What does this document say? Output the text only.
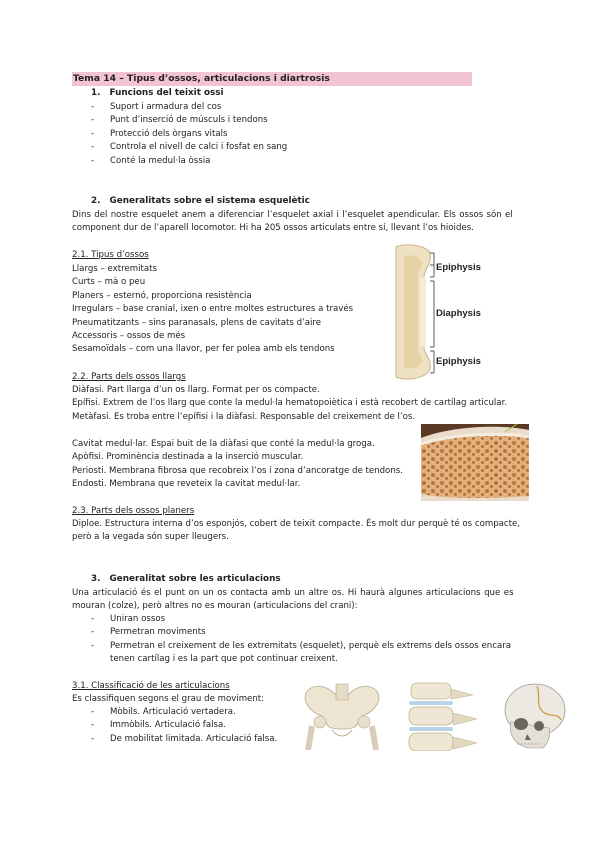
Tema 14 – Tipus d’ossos, articulacions i diartrosis
1. Funcions del teixit ossi
- Suport i armadura del cos
- Punt d’inserció de músculs i tendons
- Protecció dels òrgans vitals
- Controla el nivell de calci i fosfat en sang
- Conté la medul·la òssia
2. Generalitats sobre el sistema esquelètic
Dins del nostre esquelet anem a diferenciar l’esquelet axial i l’esquelet apendicular. Els ossos són el
component dur de l’aparell locomotor. Hi ha 205 ossos articulats entre sí, llevant l’os hioides.
2.1. Tipus d’ossos
Llargs – extremitats
Curts – mà o peu
Planers – esternó, proporciona resistència
Irregulars – base cranial, ixen o entre moltes estructures a través
Pneumatitzants – sins paranasals, plens de cavitats d’aire
Accessoris – ossos de més
Sesamoïdals – com una llavor, per fer polea amb els tendons
Epiphysis
Diaphysis
Epiphysis
2.2. Parts dels ossos llargs
Diàfasi. Part llarga d’un os llarg. Format per os compacte.
Epífisi. Extrem de l’os llarg que conte la medul·la hematopoiètica i està recobert de cartílag articular.
Metàfasi. Es troba entre l’epífisi i la diàfasi. Responsable del creixement de l’os.
Cavitat medul·lar. Espai buit de la diàfasi que conté la medul·la groga.
Apòfisi. Prominència destinada a la inserció muscular.
Periosti. Membrana fibrosa que recobreix l’os i zona d’ancoratge de tendons.
Endosti. Membrana que reveteix la cavitat medul·lar.
2.3. Parts dels ossos planers
Diploe. Estructura interna d’os esponjós, cobert de teixit compacte. És molt dur perquè té os compacte,
però a la vegada són super lleugers.
3. Generalitat sobre les articulacions
Una articulació és el punt on un os contacta amb un altre os. Hi haurà algunes articulacions que es
mouran (colze), però altres no es mouran (articulacions del crani):
- Uniran ossos
- Permetran moviments
- Permetran el creixement de les extremitats (esquelet), perquè els extrems dels ossos encara
tenen cartílag i es la part que pot continuar creixent.
3.1. Classificació de les articulacions
Es classifiquen segons el grau de moviment:
- Mòbils. Articulació vertadera.
- Immòbils. Articulació falsa.
- De mobilitat limitada. Articulació falsa.
